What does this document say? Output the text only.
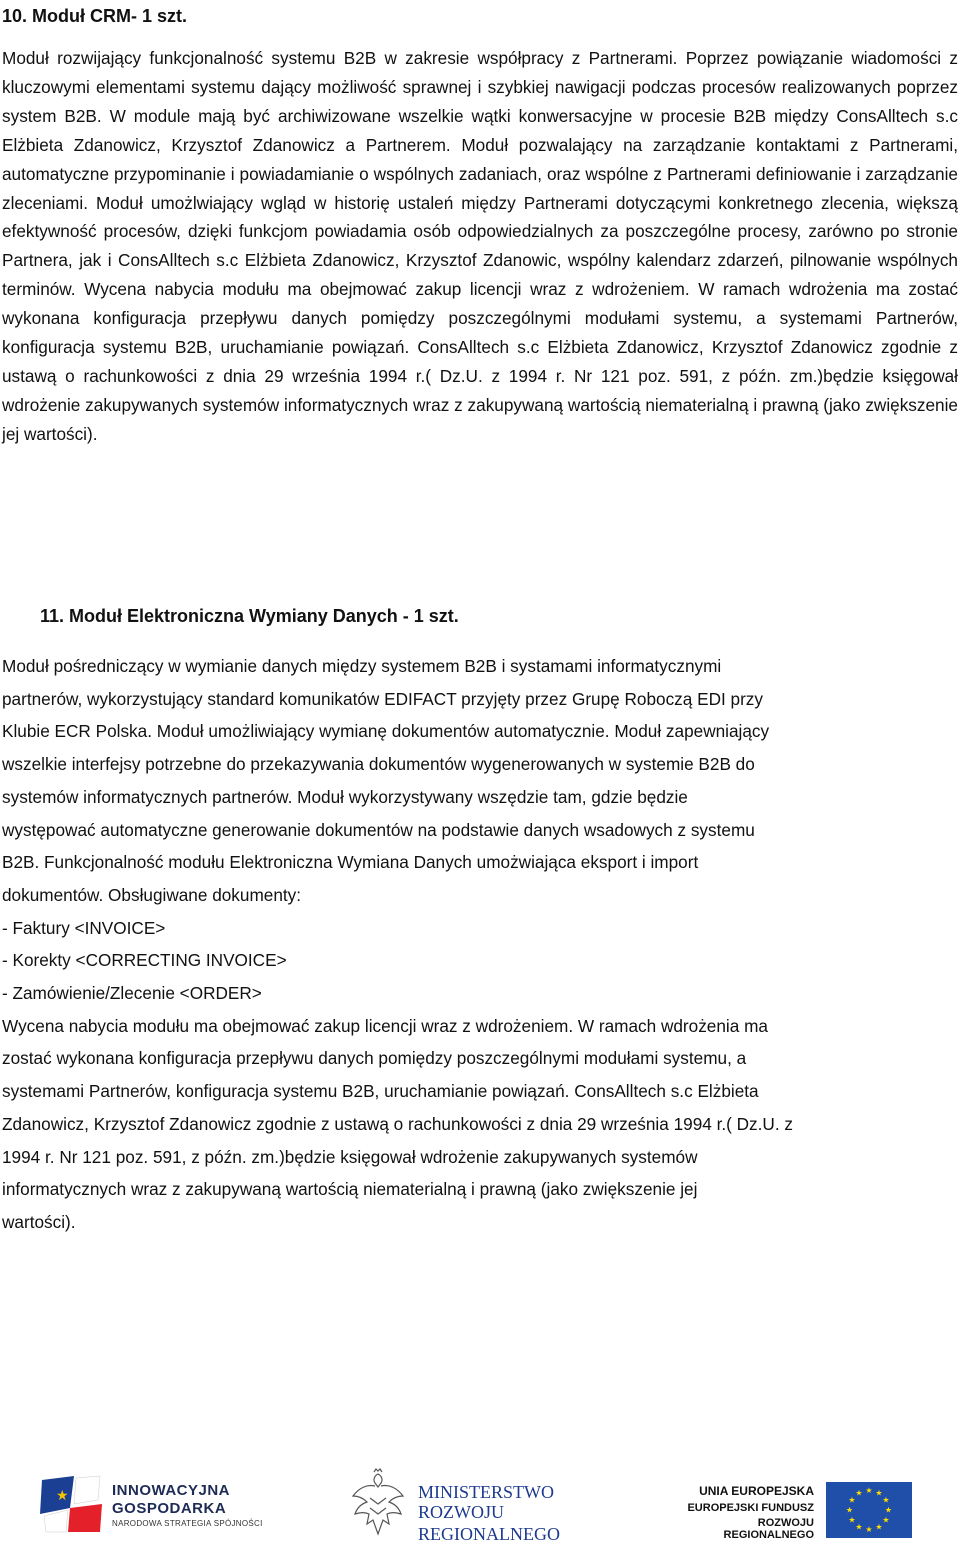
10. Moduł CRM- 1 szt.

Moduł rozwijający funkcjonalność systemu B2B w zakresie współpracy z Partnerami. Poprzez powiązanie wiadomości z kluczowymi elementami systemu dający możliwość sprawnej i szybkiej nawigacji podczas procesów realizowanych poprzez system B2B. W module mają być archiwizowane wszelkie wątki konwersacyjne w procesie B2B między ConsAlltech s.c Elżbieta Zdanowicz, Krzysztof Zdanowicz a Partnerem. Moduł pozwalający na zarządzanie kontaktami z Partnerami, automatyczne przypominanie i powiadamianie o wspólnych zadaniach, oraz wspólne z Partnerami definiowanie i zarządzanie zleceniami. Moduł umożlwiający wgląd w historię ustaleń między Partnerami dotyczącymi konkretnego zlecenia, większą efektywność procesów, dzięki funkcjom powiadamia osób odpowiedzialnych za poszczególne procesy, zarówno po stronie Partnera, jak i ConsAlltech s.c Elżbieta Zdanowicz, Krzysztof Zdanowic, wspólny kalendarz zdarzeń, pilnowanie wspólnych terminów. Wycena nabycia modułu ma obejmować zakup licencji wraz z wdrożeniem. W ramach wdrożenia ma zostać wykonana konfiguracja przepływu danych pomiędzy poszczególnymi modułami systemu, a systemami Partnerów, konfiguracja systemu B2B, uruchamianie powiązań. ConsAlltech s.c Elżbieta Zdanowicz, Krzysztof Zdanowicz zgodnie z ustawą o rachunkowości z dnia 29 września 1994 r.( Dz.U. z 1994 r. Nr 121 poz. 591, z późn. zm.)będzie księgował wdrożenie zakupywanych systemów informatycznych wraz z zakupywaną wartością niematerialną i prawną (jako zwiększenie jej wartości).

11. Moduł Elektroniczna Wymiany Danych - 1 szt.
Moduł pośredniczący w wymianie danych między systemem B2B i systamami informatycznymi
partnerów, wykorzystujący standard komunikatów EDIFACT przyjęty przez Grupę Roboczą EDI przy
Klubie ECR Polska. Moduł umożliwiający wymianę dokumentów automatycznie. Moduł zapewniający
wszelkie interfejsy potrzebne do przekazywania dokumentów wygenerowanych w systemie B2B do
systemów informatycznych partnerów. Moduł wykorzystywany wszędzie tam, gdzie będzie
występować automatyczne generowanie dokumentów na podstawie danych wsadowych z systemu
B2B. Funkcjonalność modułu Elektroniczna Wymiana Danych umożwiająca eksport i import
dokumentów. Obsługiwane dokumenty:
- Faktury <INVOICE>
- Korekty <CORRECTING INVOICE>
- Zamówienie/Zlecenie <ORDER>
Wycena nabycia modułu ma obejmować zakup licencji wraz z wdrożeniem. W ramach wdrożenia ma
zostać wykonana konfiguracja przepływu danych pomiędzy poszczególnymi modułami systemu, a
systemami Partnerów, konfiguracja systemu B2B, uruchamianie powiązań. ConsAlltech s.c Elżbieta
Zdanowicz, Krzysztof Zdanowicz zgodnie z ustawą o rachunkowości z dnia 29 września 1994 r.( Dz.U. z
1994 r. Nr 121 poz. 591, z późn. zm.)będzie księgował wdrożenie zakupywanych systemów
informatycznych wraz z zakupywaną wartością niematerialną i prawną (jako zwiększenie jej
wartości).
★	INNOWACYJNA
GOSPODARKA
NARODOWA STRATEGIA SPÓJNOŚCI
MINISTERSTWO
ROZWOJU
REGIONALNEGO
UNIA EUROPEJSKA
EUROPEJSKI FUNDUSZ
ROZWOJU REGIONALNEGO
★ ★
★
★
★
★
★
★
★
★
★
★
